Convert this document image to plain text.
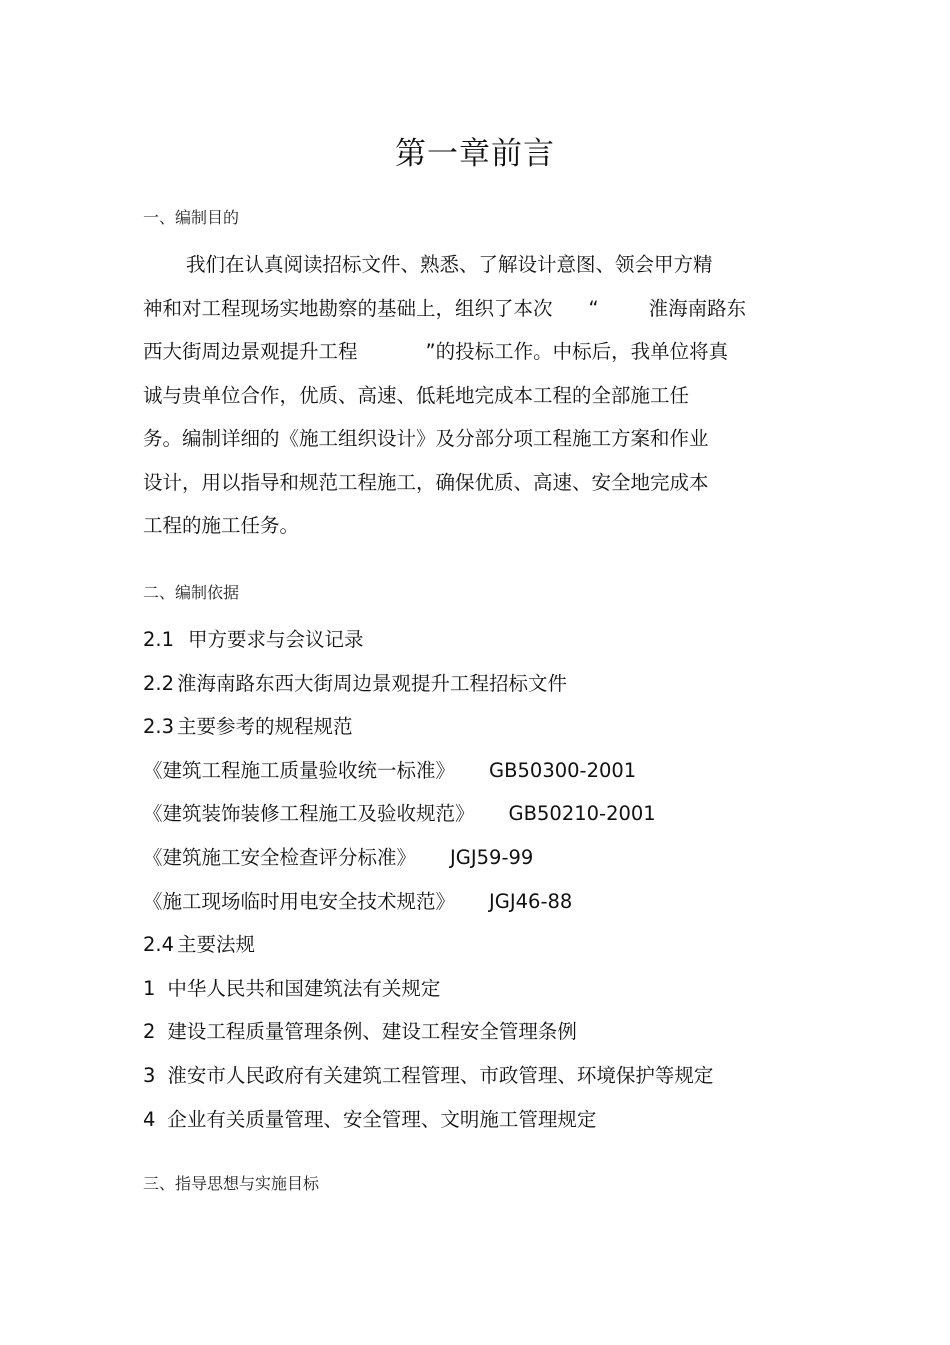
第一章前言
一、编制目的
我们在认真阅读招标文件、熟悉、了解设计意图、领会甲方精
神和对工程现场实地勘察的基础上，组织了本次 “	淮海南路东
西大街周边景观提升工程	”的投标工作。中标后，我单位将真
诚与贵单位合作，优质、高速、低耗地完成本工程的全部施工任
务。编制详细的《施工组织设计》及分部分项工程施工方案和作业
设计，用以指导和规范工程施工，确保优质、高速、安全地完成本
工程的施工任务。
二、编制依据
2.1 甲方要求与会议记录
2.2 淮海南路东西大街周边景观提升工程招标文件
2.3 主要参考的规程规范
《建筑工程施工质量验收统一标准》 GB50300-2001
《建筑装饰装修工程施工及验收规范》 GB50210-2001
《建筑施工安全检查评分标准》 JGJ59-99
《施工现场临时用电安全技术规范》 JGJ46-88
2.4 主要法规
1 中华人民共和国建筑法有关规定
2 建设工程质量管理条例、建设工程安全管理条例
3 淮安市人民政府有关建筑工程管理、市政管理、环境保护等规定
4 企业有关质量管理、安全管理、文明施工管理规定
三、指导思想与实施目标
